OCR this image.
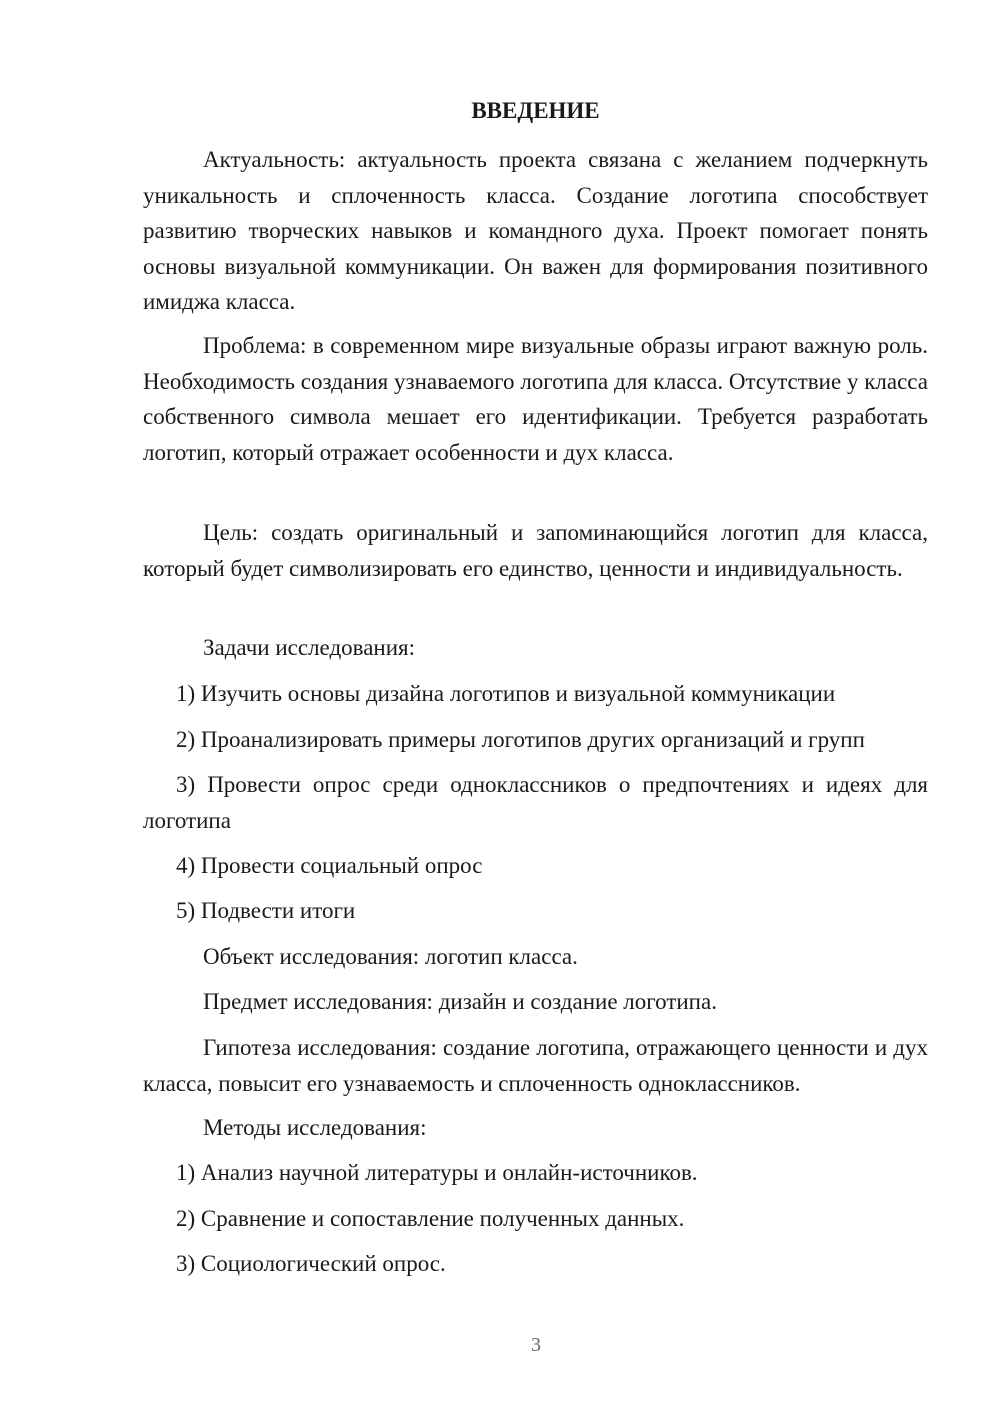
ВВЕДЕНИЕ

Актуальность: актуальность проекта связана с желанием подчеркнуть уникальность и сплоченность класса. Создание логотипа способствует развитию творческих навыков и командного духа. Проект помогает понять основы визуальной коммуникации. Он важен для формирования позитивного имиджа класса.

Проблема: в современном мире визуальные образы играют важную роль. Необходимость создания узнаваемого логотипа для класса. Отсутствие у класса собственного символа мешает его идентификации. Требуется разработать логотип, который отражает особенности и дух класса.

Цель: создать оригинальный и запоминающийся логотип для класса, который будет символизировать его единство, ценности и индивидуальность.

Задачи исследования:

1) Изучить основы дизайна логотипов и визуальной коммуникации

2) Проанализировать примеры логотипов других организаций и групп

3) Провести опрос среди одноклассников о предпочтениях и идеях для логотипа

4) Провести социальный опрос

5) Подвести итоги

Объект исследования: логотип класса.

Предмет исследования: дизайн и создание логотипа.

Гипотеза исследования: создание логотипа, отражающего ценности и дух класса, повысит его узнаваемость и сплоченность одноклассников.

Методы исследования:

1) Анализ научной литературы и онлайн-источников.

2) Сравнение и сопоставление полученных данных.

3) Социологический опрос.

3
